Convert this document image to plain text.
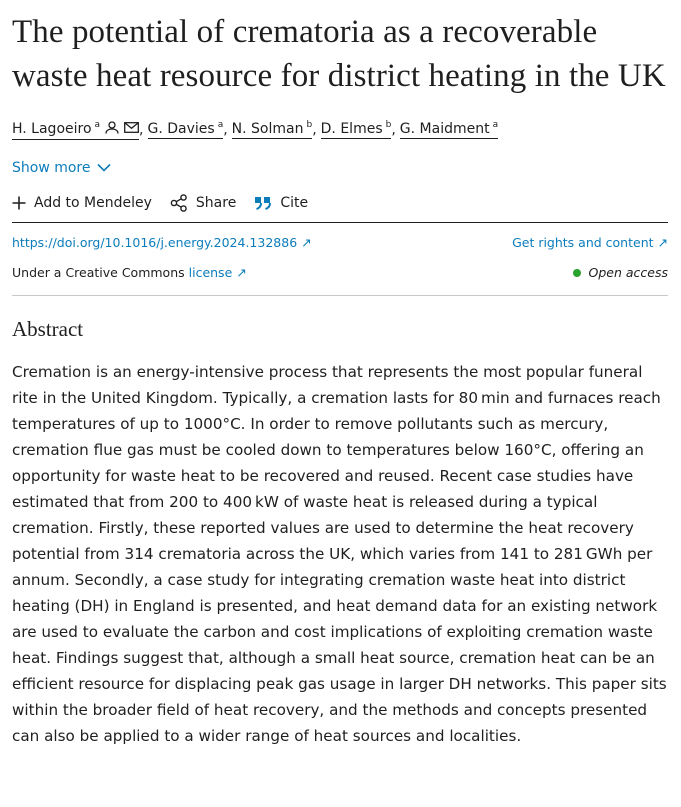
The potential of crematoria as a recoverable waste heat resource for district heating in the UK
H. Lagoeiro $^a$	, G. Davies $^a$ , N. Solman $^b$ , D. Elmes $^b$ , G. Maidment $^a$
Show more
Add to Mendeley	Share	Cite
https://doi.org/10.1016/j.energy.2024.132886 ↗	Get rights and content ↗
Under a Creative Commons license ↗	Open access
Abstract

Cremation is an energy-intensive process that represents the most popular funeral rite in the United Kingdom. Typically, a cremation lasts for 80 min and furnaces reach temperatures of up to 1000°C. In order to remove pollutants such as mercury, cremation flue gas must be cooled down to temperatures below 160°C, offering an opportunity for waste heat to be recovered and reused. Recent case studies have estimated that from 200 to 400 kW of waste heat is released during a typical cremation. Firstly, these reported values are used to determine the heat recovery potential from 314 crematoria across the UK, which varies from 141 to 281 GWh per annum. Secondly, a case study for integrating cremation waste heat into district heating (DH) in England is presented, and heat demand data for an existing network are used to evaluate the carbon and cost implications of exploiting cremation waste heat. Findings suggest that, although a small heat source, cremation heat can be an efficient resource for displacing peak gas usage in larger DH networks. This paper sits within the broader field of heat recovery, and the methods and concepts presented can also be applied to a wider range of heat sources and localities.
